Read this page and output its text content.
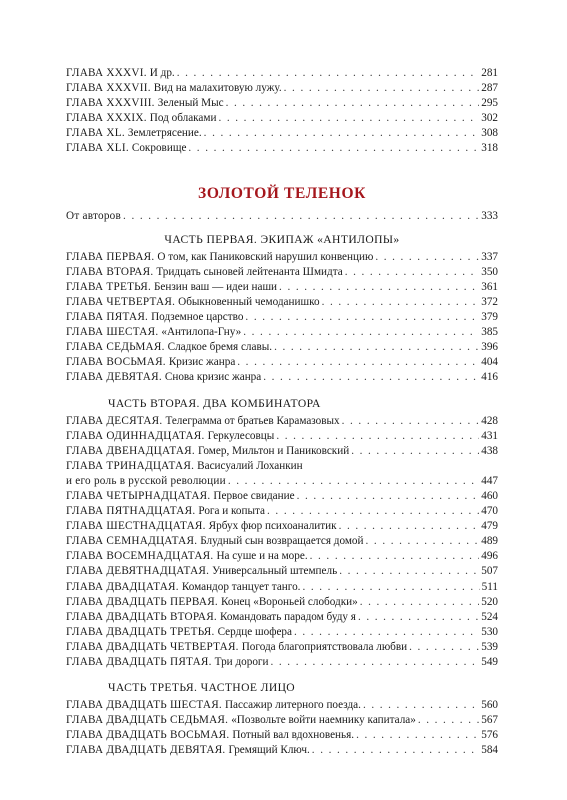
ГЛАВА XXXVI. И др. . . .	281
ГЛАВА XXXVII. Вид на малахитовую лужу. . . .	287
ГЛАВА XXXVIII. Зеленый Мыс . . .	295
ГЛАВА XXXIX. Под облаками . . .	302
ГЛАВА XL. Землетрясение. . . .	308
ГЛАВА XLI. Сокровище . . .	318
ЗОЛОТОЙ ТЕЛЕНОК
От авторов . . .	333
ЧАСТЬ ПЕРВАЯ. ЭКИПАЖ «АНТИЛОПЫ»
ГЛАВА ПЕРВАЯ. О том, как Паниковский нарушил конвенцию . . .	337
ГЛАВА ВТОРАЯ. Тридцать сыновей лейтенанта Шмидта . . .	350
ГЛАВА ТРЕТЬЯ. Бензин ваш — идеи наши . . .	361
ГЛАВА ЧЕТВЕРТАЯ. Обыкновенный чемоданишко . . .	372
ГЛАВА ПЯТАЯ. Подземное царство . . .	379
ГЛАВА ШЕСТАЯ. «Антилопа-Гну» . . .	385
ГЛАВА СЕДЬМАЯ. Сладкое бремя славы. . . .	396
ГЛАВА ВОСЬМАЯ. Кризис жанра . . .	404
ГЛАВА ДЕВЯТАЯ. Снова кризис жанра . . .	416
ЧАСТЬ ВТОРАЯ. ДВА КОМБИНАТОРА
ГЛАВА ДЕСЯТАЯ. Телеграмма от братьев Карамазовых . . .	428
ГЛАВА ОДИННАДЦАТАЯ. Геркулесовцы . . .	431
ГЛАВА ДВЕНАДЦАТАЯ. Гомер, Мильтон и Паниковский . . .	438
ГЛАВА ТРИНАДЦАТАЯ. Васисуалий Лоханкин
и его роль в русской революции . . .	447
ГЛАВА ЧЕТЫРНАДЦАТАЯ. Первое свидание . . .	460
ГЛАВА ПЯТНАДЦАТАЯ. Рога и копыта . . .	470
ГЛАВА ШЕСТНАДЦАТАЯ. Ярбух фюр психоаналитик . . .	479
ГЛАВА СЕМНАДЦАТАЯ. Блудный сын возвращается домой . . .	489
ГЛАВА ВОСЕМНАДЦАТАЯ. На суше и на море. . . .	496
ГЛАВА ДЕВЯТНАДЦАТАЯ. Универсальный штемпель . . .	507
ГЛАВА ДВАДЦАТАЯ. Командор танцует танго. . . .	511
ГЛАВА ДВАДЦАТЬ ПЕРВАЯ. Конец «Вороньей слободки» . . .	520
ГЛАВА ДВАДЦАТЬ ВТОРАЯ. Командовать парадом буду я . . .	524
ГЛАВА ДВАДЦАТЬ ТРЕТЬЯ. Сердце шофера . . .	530
ГЛАВА ДВАДЦАТЬ ЧЕТВЕРТАЯ. Погода благоприятствовала любви . . .	539
ГЛАВА ДВАДЦАТЬ ПЯТАЯ. Три дороги . . .	549
ЧАСТЬ ТРЕТЬЯ. ЧАСТНОЕ ЛИЦО
ГЛАВА ДВАДЦАТЬ ШЕСТАЯ. Пассажир литерного поезда. . . .	560
ГЛАВА ДВАДЦАТЬ СЕДЬМАЯ. «Позвольте войти наемнику капитала» . . .	567
ГЛАВА ДВАДЦАТЬ ВОСЬМАЯ. Потный вал вдохновенья. . . .	576
ГЛАВА ДВАДЦАТЬ ДЕВЯТАЯ. Гремящий Ключ. . . .	584
